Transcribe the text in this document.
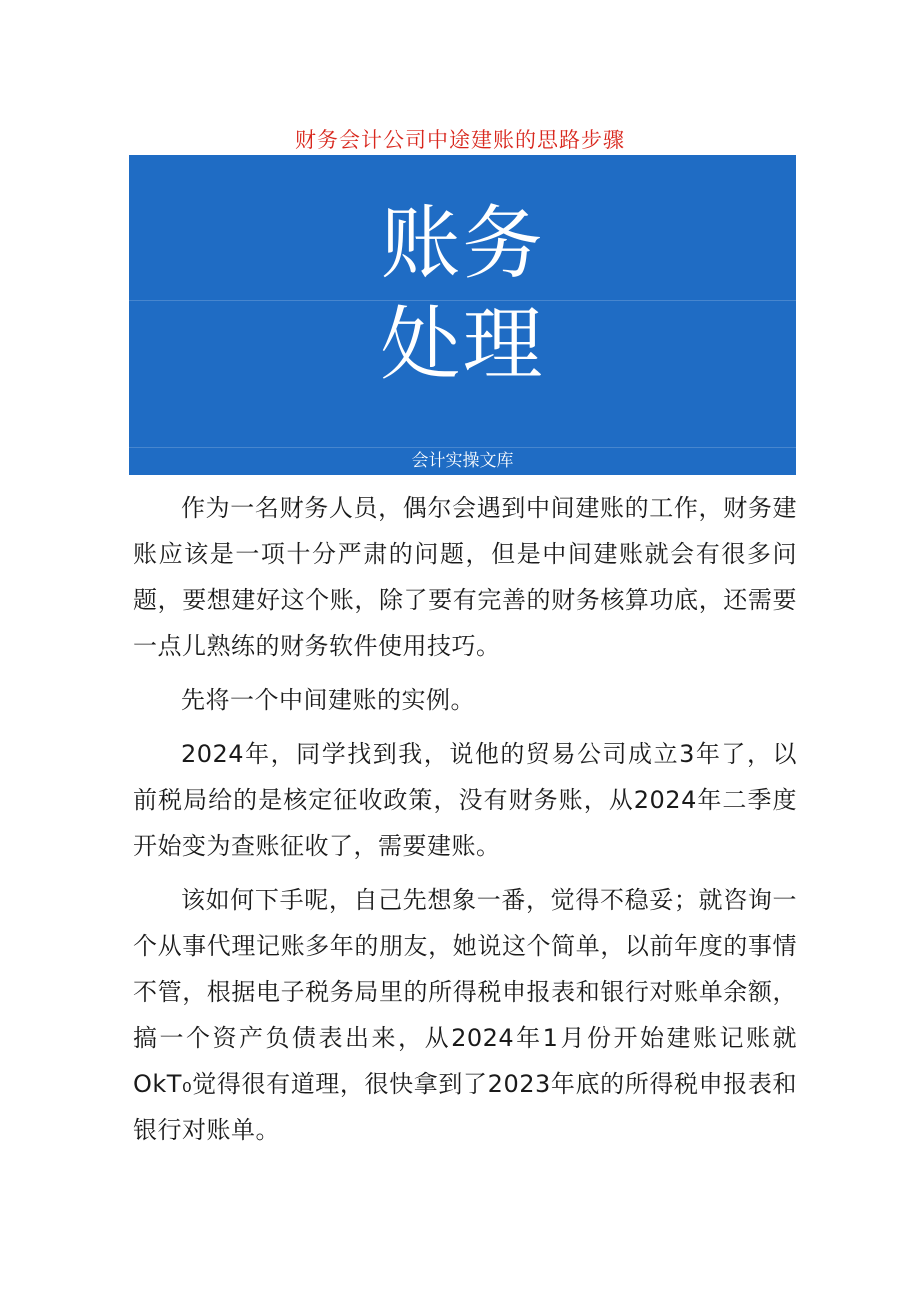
财务会计公司中途建账的思路步骤
账务
处理
会计实操文库

作为一名财务人员，偶尔会遇到中间建账的工作，财务建账应该是一项十分严肃的问题，但是中间建账就会有很多问题，要想建好这个账，除了要有完善的财务核算功底，还需要一点儿熟练的财务软件使用技巧。

先将一个中间建账的实例。

2024年，同学找到我，说他的贸易公司成立3年了，以前税局给的是核定征收政策，没有财务账，从2024年二季度开始变为查账征收了，需要建账。

该如何下手呢，自己先想象一番，觉得不稳妥；就咨询一个从事代理记账多年的朋友，她说这个简单，以前年度的事情不管，根据电子税务局里的所得税申报表和银行对账单余额，搞一个资产负债表出来，从2024年1月份开始建账记账就OkT₀觉得很有道理，很快拿到了2023年底的所得税申报表和银行对账单。
